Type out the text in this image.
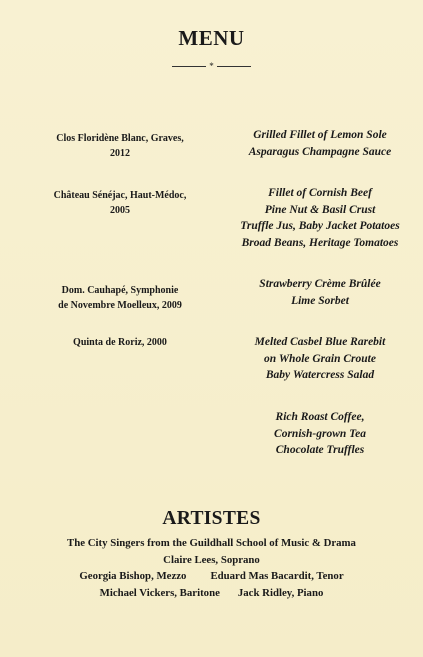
MENU
*
Clos Floridène Blanc, Graves,
2012
Grilled Fillet of Lemon Sole
Asparagus Champagne Sauce
Château Sénéjac, Haut-Médoc,
2005
Fillet of Cornish Beef
Pine Nut & Basil Crust
Truffle Jus, Baby Jacket Potatoes
Broad Beans, Heritage Tomatoes
Dom. Cauhapé, Symphonie
de Novembre Moelleux, 2009
Strawberry Crème Brûlée
Lime Sorbet
Quinta de Roriz, 2000	Melted Casbel Blue Rarebit
on Whole Grain Croute
Baby Watercress Salad
Rich Roast Coffee,
Cornish-grown Tea
Chocolate Truffles
ARTISTES
The City Singers from the Guildhall School of Music & Drama
Claire Lees, Soprano
Georgia Bishop, Mezzo Eduard Mas Bacardit, Tenor
Michael Vickers, Baritone Jack Ridley, Piano
